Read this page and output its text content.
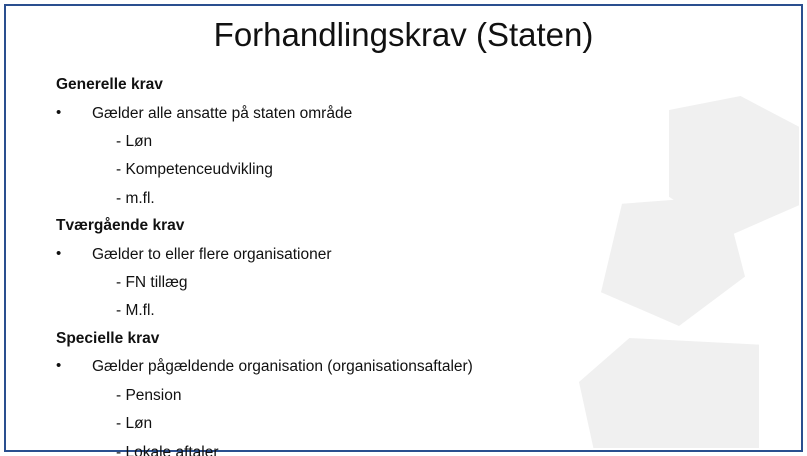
Forhandlingskrav (Staten)
Generelle krav
•	Gælder alle ansatte på staten område
- Løn
- Kompetenceudvikling
- m.fl.
Tværgående krav
•	Gælder to eller flere organisationer
- FN tillæg
- M.fl.
Specielle krav
•	Gælder pågældende organisation (organisationsaftaler)
- Pension
- Løn
- Lokale aftaler
